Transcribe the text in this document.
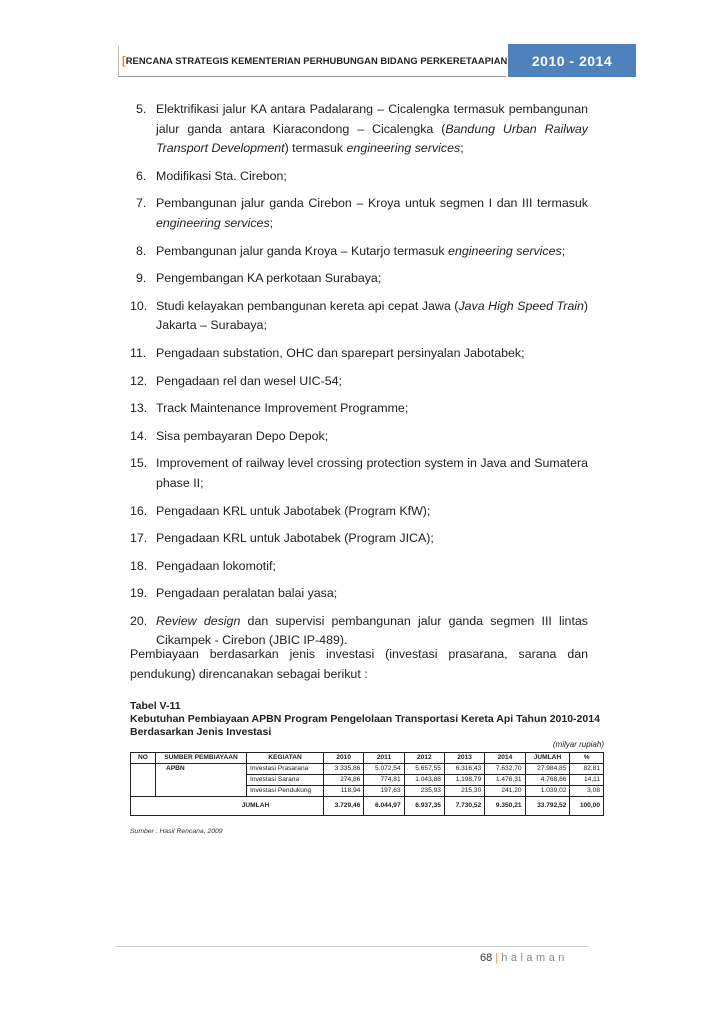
[RENCANA STRATEGIS KEMENTERIAN PERHUBUNGAN BIDANG PERKERETAAPIAN	2010 - 2014
5. Elektrifikasi jalur KA antara Padalarang – Cicalengka termasuk pembangunan jalur ganda antara Kiaracondong – Cicalengka (Bandung Urban Railway Transport Development) termasuk engineering services;
6. Modifikasi Sta. Cirebon;
7. Pembangunan jalur ganda Cirebon – Kroya untuk segmen I dan III termasuk engineering services;
8. Pembangunan jalur ganda Kroya – Kutarjo termasuk engineering services;
9. Pengembangan KA perkotaan Surabaya;
10. Studi kelayakan pembangunan kereta api cepat Jawa (Java High Speed Train) Jakarta – Surabaya;
11. Pengadaan substation, OHC dan sparepart persinyalan Jabotabek;
12. Pengadaan rel dan wesel UIC-54;
13. Track Maintenance Improvement Programme;
14. Sisa pembayaran Depo Depok;
15. Improvement of railway level crossing protection system in Java and Sumatera phase II;
16. Pengadaan KRL untuk Jabotabek (Program KfW);
17. Pengadaan KRL untuk Jabotabek (Program JICA);
18. Pengadaan lokomotif;
19. Pengadaan peralatan balai yasa;
20. Review design dan supervisi pembangunan jalur ganda segmen III lintas Cikampek - Cirebon (JBIC IP-489).
Pembiayaan berdasarkan jenis investasi (investasi prasarana, sarana dan pendukung) direncanakan sebagai berikut :
Tabel V-11
Kebutuhan Pembiayaan APBN Program Pengelolaan Transportasi Kereta Api Tahun 2010-2014
Berdasarkan Jenis Investasi
(milyar rupiah)
NO	SUMBER PEMBIAYAAN	KEGIATAN	2010	2011	2012	2013	2014	JUMLAH	%
	APBN	Investasi Prasarana	3.335,86	5.072,54	5.657,55	6.316,43	7.632,70	27.984,85	82,81
		Investasi Sarana	274,86	774,81	1.043,88	1.198,79	1.476,31	4.768,66	14,11
		Investasi Pendukung	118,94	197,63	235,93	215,30	241,20	1.039,02	3,08
JUMLAH			3.729,46	6.044,97	6.937,35	7.730,52	9.350,21	33.792,52	100,00
Sumber : Hasil Rencana, 2009
68 | halaman
